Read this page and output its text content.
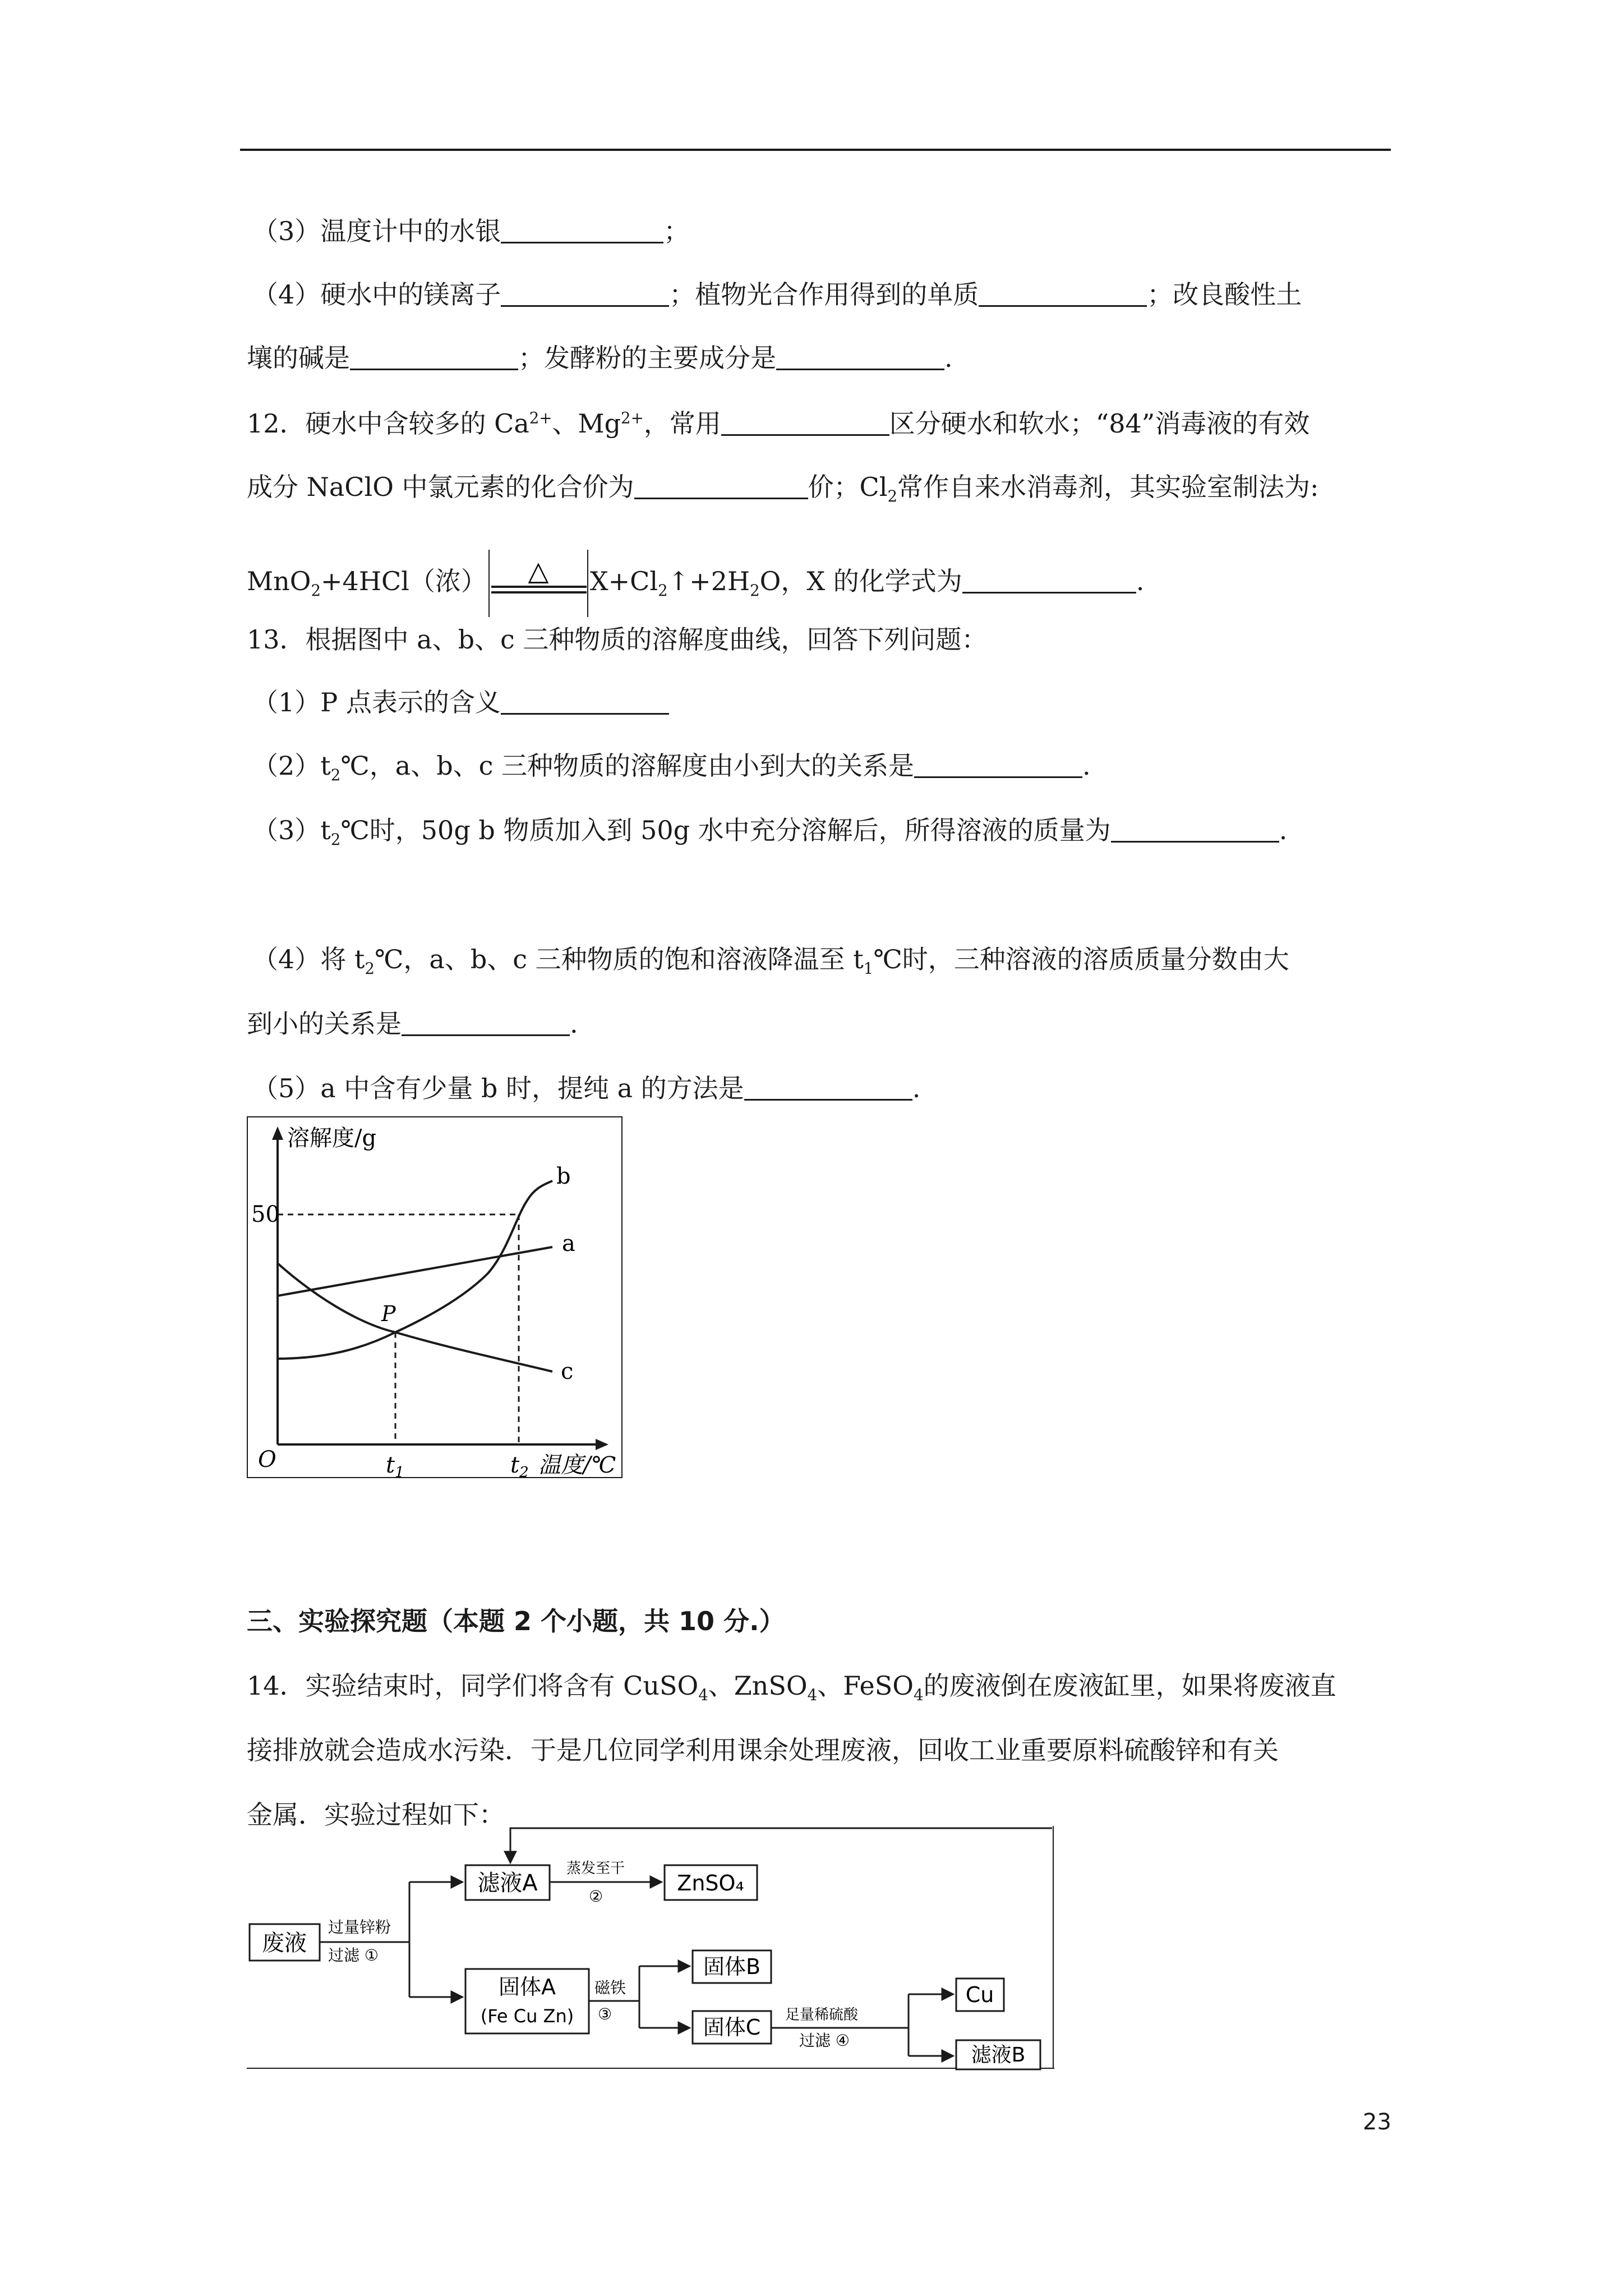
（3）温度计中的水银	；
（4）硬水中的镁离子	；植物光合作用得到的单质	；改良酸性土
壤的碱是	；发酵粉的主要成分是	.
12．硬水中含较多的 $Ca^{2+}$、$Mg^{2+}$，常用	区分硬水和软水；“84”消毒液的有效
成分 NaClO 中氯元素的化合价为	价；$Cl_2$常作自来水消毒剂，其实验室制法为:
MnO$_2$+4HCl（浓） △ $X+Cl_2↑+2H_2O$，X 的化学式为	.
13．根据图中 a、b、c 三种物质的溶解度曲线，回答下列问题：
（1）P 点表示的含义
$(2)t_2℃$，a、b、c 三种物质的溶解度由小到大的关系是	.
$(3)t_2℃$时，50g b 物质加入到 50g 水中充分溶解后，所得溶液的质量为	.
（4）将 $t_2℃$，a、b、c 三种物质的饱和溶液降温至 $t_1℃$时，三种溶液的溶质质量分数由大
到小的关系是	.
（5）a 中含有少量 b 时，提纯 a 的方法是	.
溶解度/g
温度/℃
O
50
$t_1$	$t_2$
a
b
c
P
三、实验探究题（本题 2 个小题，共 10 分.）
14．实验结束时，同学们将含有 CuSO$_4$、ZnSO$_4$、FeSO$_4$的废液倒在废液缸里，如果将废液直
接排放就会造成水污染．于是几位同学利用课余处理废液，回收工业重要原料硫酸锌和有关
金属．实验过程如下：
废液
过量锌粉
过滤 ①
滤液A
蒸发至干
②
ZnSO₄
固体A
(Fe Cu Zn)
磁铁
③
固体B
固体C 足量稀硫酸
过滤 ④
Cu
滤液B
23
